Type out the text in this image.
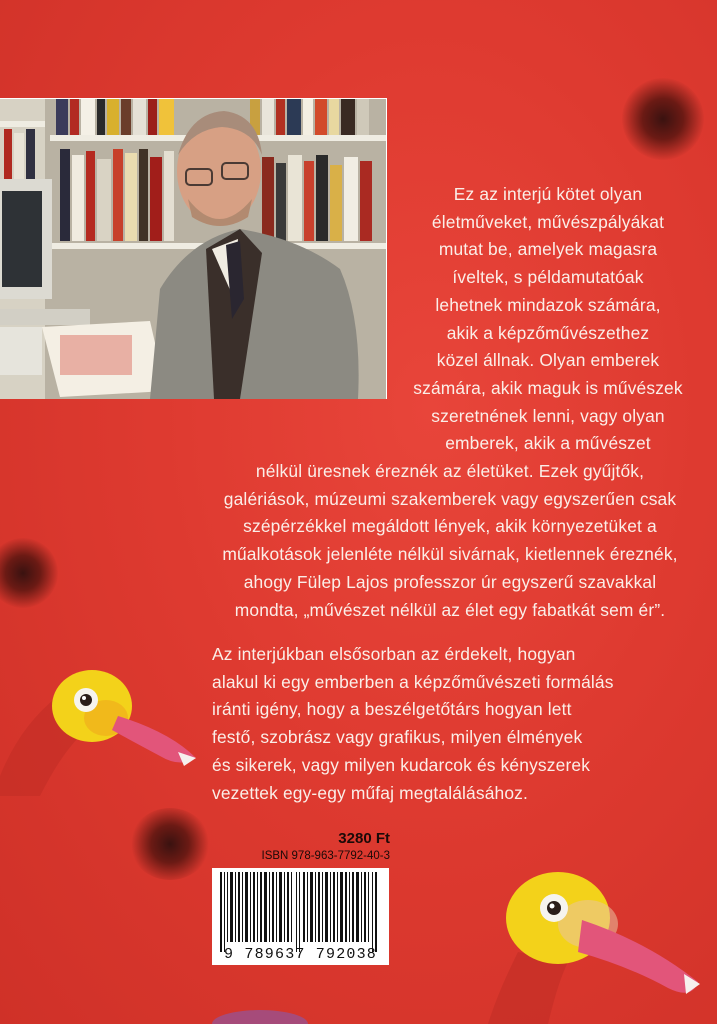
Ez az interjú kötet olyan
életműveket, művészpályákat
mutat be, amelyek magasra
íveltek, s példamutatóak
lehetnek mindazok számára,
akik a képzőművészethez
közel állnak. Olyan emberek
számára, akik maguk is művészek
szeretnének lenni, vagy olyan
emberek, akik a művészet
nélkül üresnek éreznék az életüket. Ezek gyűjtők,
galériások, múzeumi szakemberek vagy egyszerűen csak
szépérzékkel megáldott lények, akik környezetüket a
műalkotások jelenléte nélkül sivárnak, kietlennek éreznék,
ahogy Fülep Lajos professzor úr egyszerű szavakkal
mondta, „művészet nélkül az élet egy fabatkát sem ér”.
Az interjúkban elsősorban az érdekelt, hogyan
alakul ki egy emberben a képzőművészeti formálás
iránti igény, hogy a beszélgetőtárs hogyan lett
festő, szobrász vagy grafikus, milyen élmények
és sikerek, vagy milyen kudarcok és kényszerek
vezettek egy-egy műfaj megtalálásához.
3280 Ft
ISBN 978-963-7792-40-3
9 789637 792038
